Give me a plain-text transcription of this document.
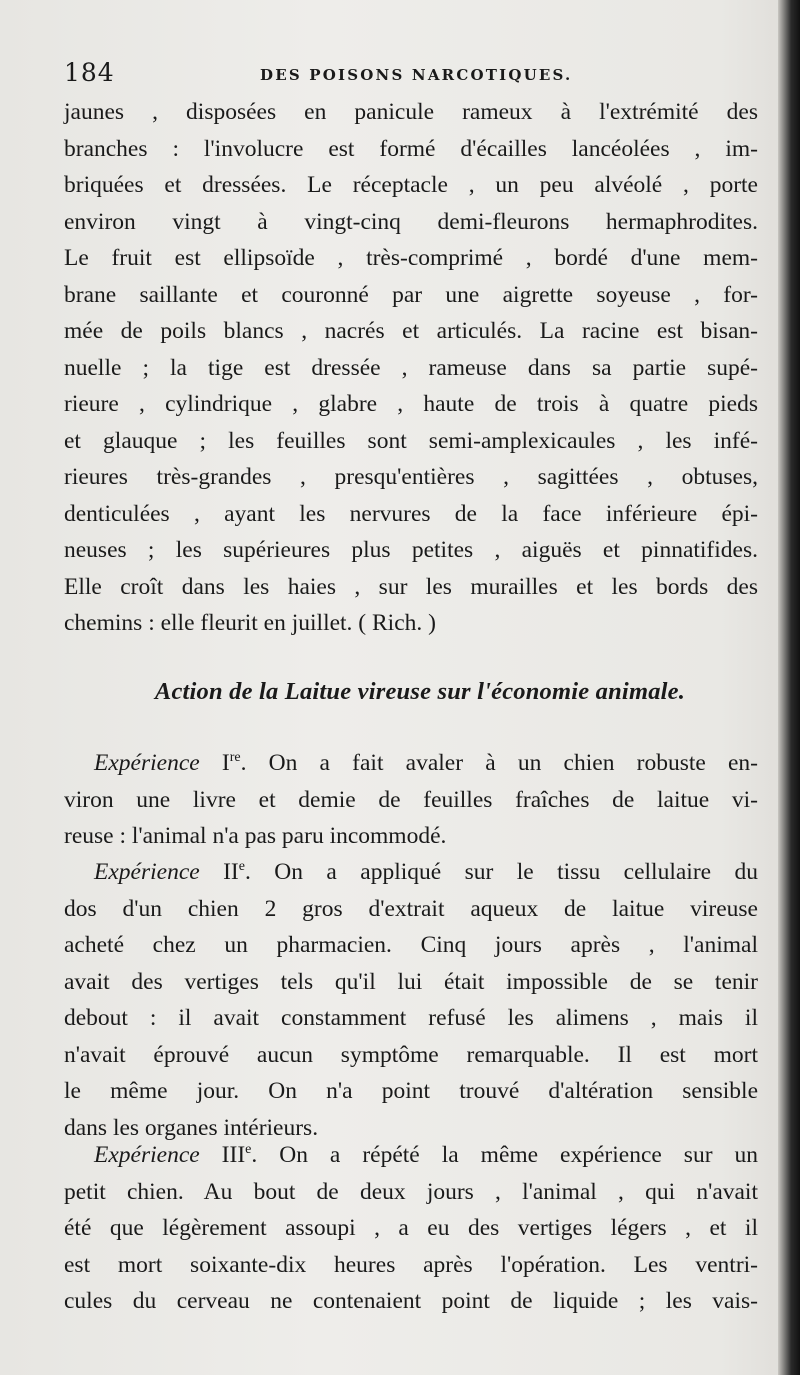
184	DES POISONS NARCOTIQUES.
jaunes , disposées en panicule rameux à l'extrémité des
branches : l'involucre est formé d'écailles lancéolées , im-
briquées et dressées. Le réceptacle , un peu alvéolé , porte
environ vingt à vingt-cinq demi-fleurons hermaphrodites.
Le fruit est ellipsoïde , très-comprimé , bordé d'une mem-
brane saillante et couronné par une aigrette soyeuse , for-
mée de poils blancs , nacrés et articulés. La racine est bisan-
nuelle ; la tige est dressée , rameuse dans sa partie supé-
rieure , cylindrique , glabre , haute de trois à quatre pieds
et glauque ; les feuilles sont semi-amplexicaules , les infé-
rieures très-grandes , presqu'entières , sagittées , obtuses,
denticulées , ayant les nervures de la face inférieure épi-
neuses ; les supérieures plus petites , aiguës et pinnatifides.
Elle croît dans les haies , sur les murailles et les bords des
chemins : elle fleurit en juillet. ( Rich. )
Action de la Laitue vireuse sur l'économie animale.
Expérience Ire. On a fait avaler à un chien robuste en-
viron une livre et demie de feuilles fraîches de laitue vi-
reuse : l'animal n'a pas paru incommodé.
Expérience IIe. On a appliqué sur le tissu cellulaire du
dos d'un chien 2 gros d'extrait aqueux de laitue vireuse
acheté chez un pharmacien. Cinq jours après , l'animal
avait des vertiges tels qu'il lui était impossible de se tenir
debout : il avait constamment refusé les alimens , mais il
n'avait éprouvé aucun symptôme remarquable. Il est mort
le même jour. On n'a point trouvé d'altération sensible
dans les organes intérieurs.
Expérience IIIe. On a répété la même expérience sur un
petit chien. Au bout de deux jours , l'animal , qui n'avait
été que légèrement assoupi , a eu des vertiges légers , et il
est mort soixante-dix heures après l'opération. Les ventri-
cules du cerveau ne contenaient point de liquide ; les vais-
